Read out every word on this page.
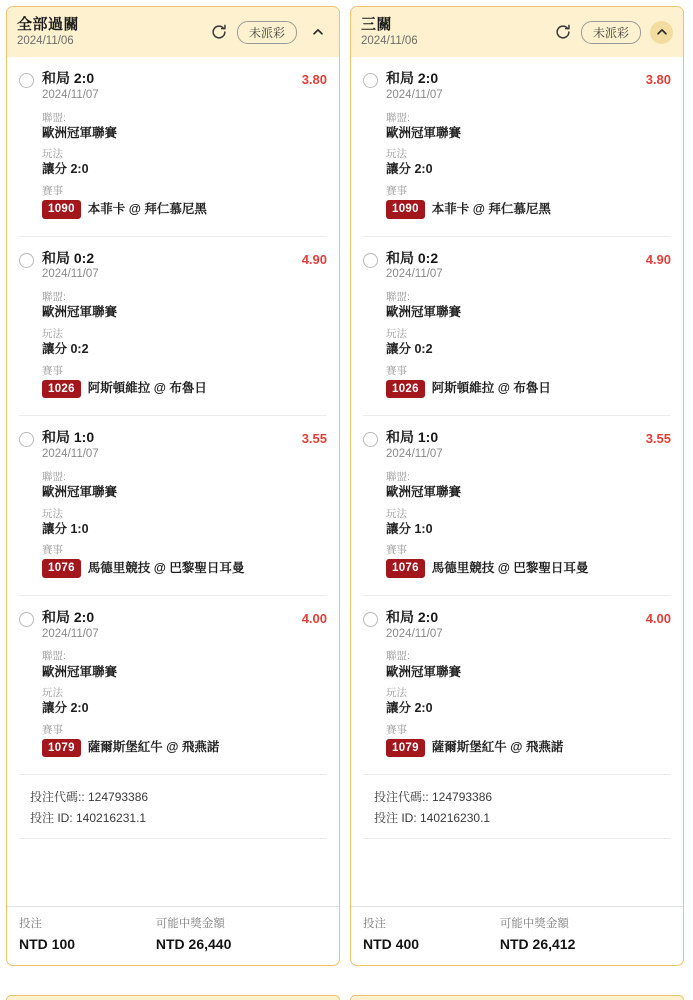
全部過關
2024/11/06
未派彩
和局 2:0
2024/11/07
3.80
聯盟:
歐洲冠軍聯賽
玩法
讓分 2:0
賽事
1090	本菲卡 @ 拜仁慕尼黑
和局 0:2
2024/11/07
4.90
聯盟:
歐洲冠軍聯賽
玩法
讓分 0:2
賽事
1026	阿斯頓維拉 @ 布魯日
和局 1:0
2024/11/07
3.55
聯盟:
歐洲冠軍聯賽
玩法
讓分 1:0
賽事
1076	馬德里競技 @ 巴黎聖日耳曼
和局 2:0
2024/11/07
4.00
聯盟:
歐洲冠軍聯賽
玩法
讓分 2:0
賽事
1079	薩爾斯堡紅牛 @ 飛燕諾
投注代碼:: 124793386
投注 ID: 140216231.1
投注
NTD 100
可能中獎金額
NTD 26,440
三關
2024/11/06
未派彩
和局 2:0
2024/11/07
3.80
聯盟:
歐洲冠軍聯賽
玩法
讓分 2:0
賽事
1090	本菲卡 @ 拜仁慕尼黑
和局 0:2
2024/11/07
4.90
聯盟:
歐洲冠軍聯賽
玩法
讓分 0:2
賽事
1026	阿斯頓維拉 @ 布魯日
和局 1:0
2024/11/07
3.55
聯盟:
歐洲冠軍聯賽
玩法
讓分 1:0
賽事
1076	馬德里競技 @ 巴黎聖日耳曼
和局 2:0
2024/11/07
4.00
聯盟:
歐洲冠軍聯賽
玩法
讓分 2:0
賽事
1079	薩爾斯堡紅牛 @ 飛燕諾
投注代碼:: 124793386
投注 ID: 140216230.1
投注
NTD 400
可能中獎金額
NTD 26,412
